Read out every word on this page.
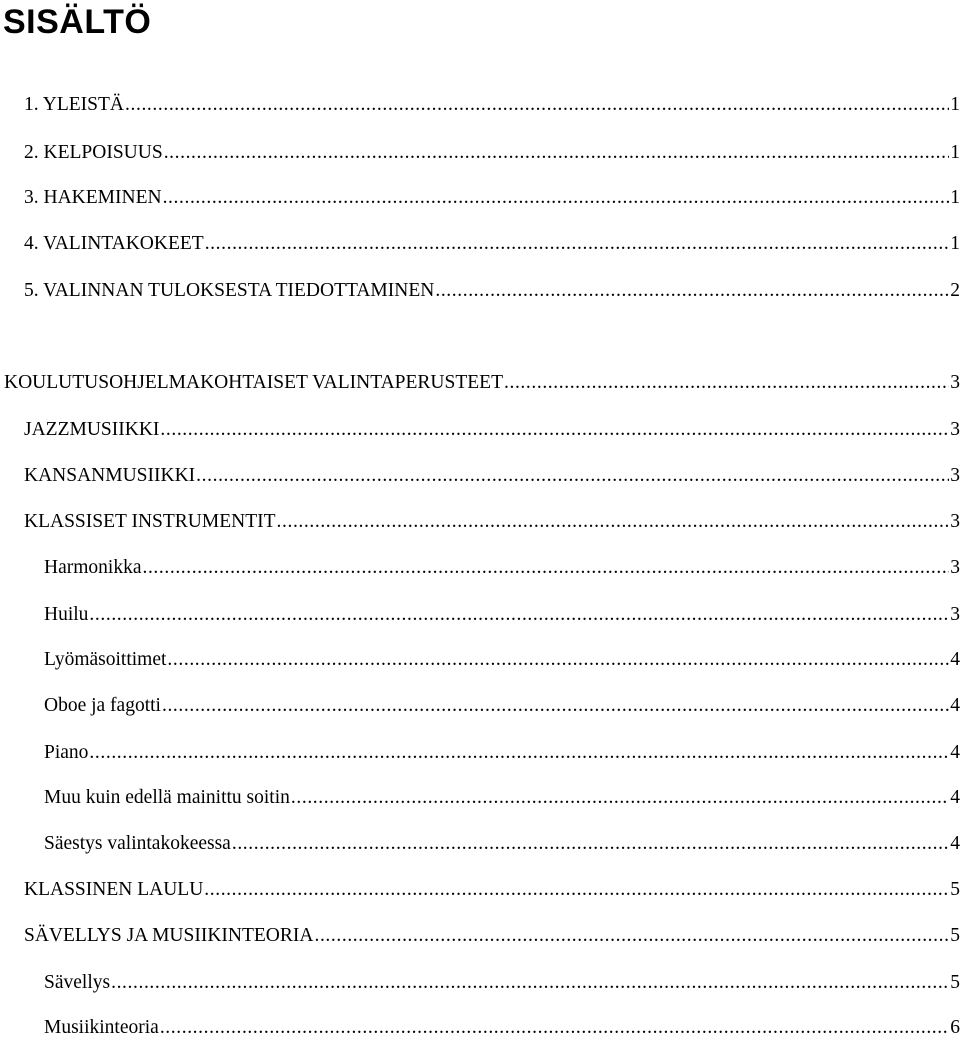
SISÄLTÖ
1. YLEISTÄ .....	1
2. KELPOISUUS .....	1
3. HAKEMINEN .....	1
4. VALINTAKOKEET .....	1
5. VALINNAN TULOKSESTA TIEDOTTAMINEN .....	2
KOULUTUSOHJELMAKOHTAISET VALINTAPERUSTEET .....	3
JAZZMUSIIKKI .....	3
KANSANMUSIIKKI .....	3
KLASSISET INSTRUMENTIT .....	3
Harmonikka .....	3
Huilu .....	3
Lyömäsoittimet .....	4
Oboe ja fagotti .....	4
Piano .....	4
Muu kuin edellä mainittu soitin .....	4
Säestys valintakokeessa .....	4
KLASSINEN LAULU .....	5
SÄVELLYS JA MUSIIKINTEORIA .....	5
Sävellys .....	5
Musiikinteoria .....	6
